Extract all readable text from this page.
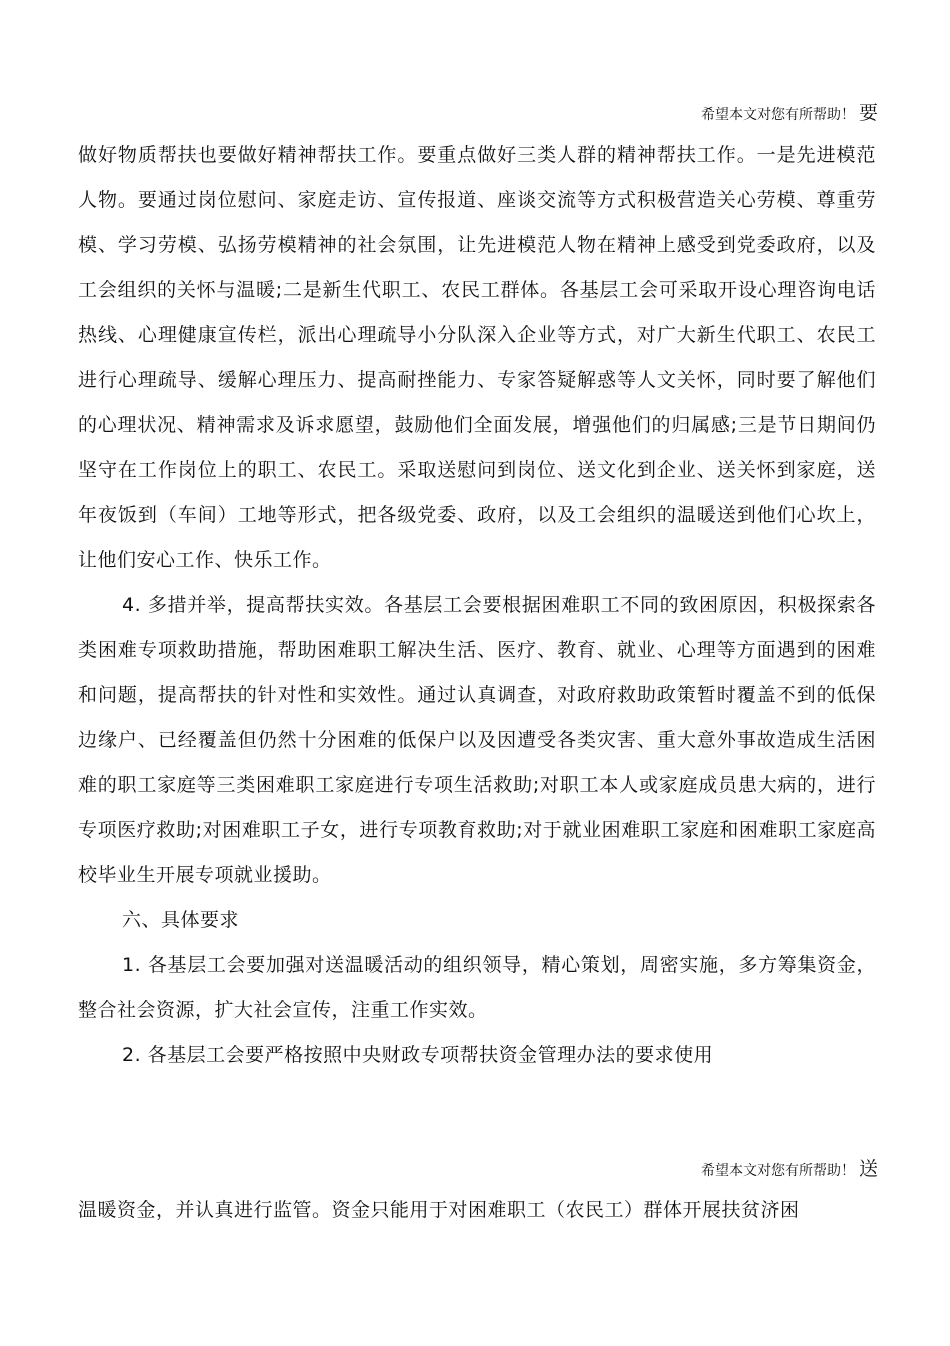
希望本文对您有所帮助！ 要

做好物质帮扶也要做好精神帮扶工作。要重点做好三类人群的精神帮扶工作。一是先进模范人物。要通过岗位慰问、家庭走访、宣传报道、座谈交流等方式积极营造关心劳模、尊重劳模、学习劳模、弘扬劳模精神的社会氛围，让先进模范人物在精神上感受到党委政府，以及工会组织的关怀与温暖;二是新生代职工、农民工群体。各基层工会可采取开设心理咨询电话热线、心理健康宣传栏，派出心理疏导小分队深入企业等方式，对广大新生代职工、农民工进行心理疏导、缓解心理压力、提高耐挫能力、专家答疑解惑等人文关怀，同时要了解他们的心理状况、精神需求及诉求愿望，鼓励他们全面发展，增强他们的归属感;三是节日期间仍坚守在工作岗位上的职工、农民工。采取送慰问到岗位、送文化到企业、送关怀到家庭，送年夜饭到（车间）工地等形式，把各级党委、政府，以及工会组织的温暖送到他们心坎上，让他们安心工作、快乐工作。

4. 多措并举，提高帮扶实效。各基层工会要根据困难职工不同的致困原因，积极探索各类困难专项救助措施，帮助困难职工解决生活、医疗、教育、就业、心理等方面遇到的困难和问题，提高帮扶的针对性和实效性。通过认真调查，对政府救助政策暂时覆盖不到的低保边缘户、已经覆盖但仍然十分困难的低保户以及因遭受各类灾害、重大意外事故造成生活困难的职工家庭等三类困难职工家庭进行专项生活救助;对职工本人或家庭成员患大病的，进行专项医疗救助;对困难职工子女，进行专项教育救助;对于就业困难职工家庭和困难职工家庭高校毕业生开展专项就业援助。

六、具体要求

1. 各基层工会要加强对送温暖活动的组织领导，精心策划，周密实施，多方筹集资金，整合社会资源，扩大社会宣传，注重工作实效。

2. 各基层工会要严格按照中央财政专项帮扶资金管理办法的要求使用

希望本文对您有所帮助！ 送

温暖资金，并认真进行监管。资金只能用于对困难职工（农民工）群体开展扶贫济困
